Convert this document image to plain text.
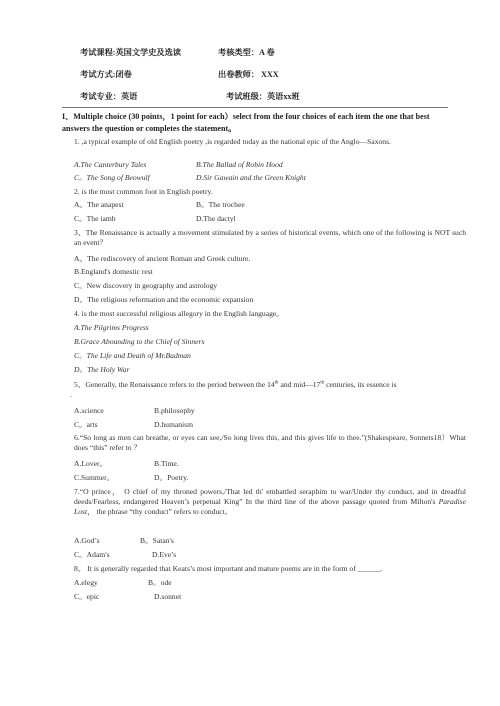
考试课程:英国文学史及选读	考核类型：A 卷
考试方式:闭卷	出卷教师： XXX
考试专业：英语	考试班级：英语xx班
I、Multiple choice (30 points，1 point for each）select from the four choices of each item the one that best answers the question or completes the statement。
1. ,a typical example of old English poetry ,is regarded today as the national epic of the Anglo—Saxons.
A.The Canterbury Tales	B.The Ballad of Robin Hood
C。The Song of Beowulf	D.Sir Gawain and the Green Knight
2. is the most common foot in English poetry.
A。The anapest	B。The trochee
C。The iamb	D.The dactyl
3、The Renaissance is actually a movement stimulated by a series of historical events, which one of the following is NOT such an event？
A。The rediscovery of ancient Roman and Greek culture.
B.England's domestic rest
C。New discovery in geography and astrology
D。The religious reformation and the economic expansion
4. is the most successful religious allegory in the English language。
A.The Pilgrims Progress
B.Grace Abounding to the Chief of Sinners
C。The Life and Death of Mr.Badman
D。The Holy War
5、Generally, the Renaissance refers to the period between the 14th and mid—17th centuries, its essence is
.
A.science	B.philosophy
C。arts	D.humanism
6.“So long as men can breathe, or eyes can see,/So long lives this, and this gives life to thee.”(Shakespeare, Sonnets18）What does “this” refer to ？
A.Lover。	B.Time.
C.Summer。	D。Poetry.
7.“O prince， O chief of my throned powers,/That led th' embattled seraphim to war/Under thy conduct, and in dreadful deeds/Fearless, endangered Heaven’s perpetual King” In the third line of the above passage quoted from Milton's Paradise Lost， the phrase “thy conduct” refers to conduct。
A.God’s	B。Satan's
C。Adam's	D.Eve’s
8。 It is generally regarded that Keats’s most important and mature poems are in the form of ______.
A.elegy	B。ode
C。epic	D.sonnet
